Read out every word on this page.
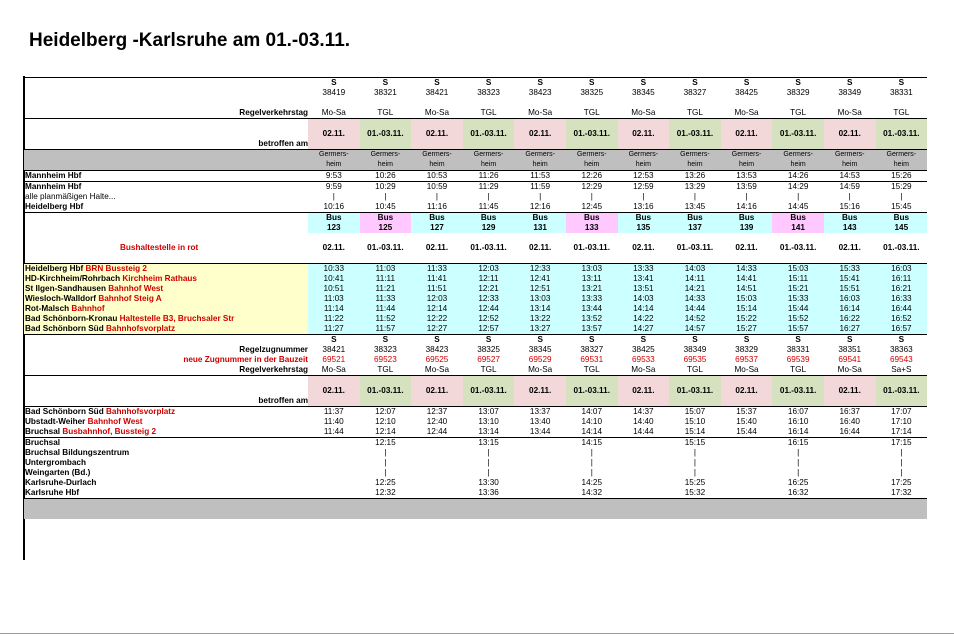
Heidelberg -Karlsruhe am 01.-03.11.
	S	S	S	S	S	S	S	S	S	S	S	S
	38419	38321	38421	38323	38423	38325	38345	38327	38425	38329	38349	38331

Regelverkehrstag	Mo-Sa	TGL	Mo-Sa	TGL	Mo-Sa	TGL	Mo-Sa	TGL	Mo-Sa	TGL	Mo-Sa	TGL

	02.11.	01.-03.11.	02.11.	01.-03.11.	02.11.	01.-03.11.	02.11.	01.-03.11.	02.11.	01.-03.11.	02.11.	01.-03.11.
betroffen am												

	Germers-	Germers-	Germers-	Germers-	Germers-	Germers-	Germers-	Germers-	Germers-	Germers-	Germers-	Germers-

	heim	heim	heim	heim	heim	heim	heim	heim	heim	heim	heim	heim
Mannheim Hbf	9:53	10:26	10:53	11:26	11:53	12:26	12:53	13:26	13:53	14:26	14:53	15:26
Mannheim Hbf	9:59	10:29	10:59	11:29	11:59	12:29	12:59	13:29	13:59	14:29	14:59	15:29
alle planmäßigen Halte...	|	|	|	|	|	|	|	|	|	|	|	|
Heidelberg Hbf	10:16	10:45	11:16	11:45	12:16	12:45	13:16	13:45	14:16	14:45	15:16	15:45
	Bus	Bus	Bus	Bus	Bus	Bus	Bus	Bus	Bus	Bus	Bus	Bus
	123	125	127	129	131	133	135	137	139	141	143	145

Bushaltestelle in rot	02.11.	01.-03.11.	02.11.	01.-03.11.	02.11.	01.-03.11.	02.11.	01.-03.11.	02.11.	01.-03.11.	02.11.	01.-03.11.

Heidelberg Hbf BRN Bussteig 2	10:33	11:03	11:33	12:03	12:33	13:03	13:33	14:03	14:33	15:03	15:33	16:03
HD-Kirchheim/Rohrbach Kirchheim Rathaus	10:41	11:11	11:41	12:11	12:41	13:11	13:41	14:11	14:41	15:11	15:41	16:11
St Ilgen-Sandhausen Bahnhof West	10:51	11:21	11:51	12:21	12:51	13:21	13:51	14:21	14:51	15:21	15:51	16:21
Wiesloch-Walldorf Bahnhof Steig A	11:03	11:33	12:03	12:33	13:03	13:33	14:03	14:33	15:03	15:33	16:03	16:33
Rot-Malsch Bahnhof	11:14	11:44	12:14	12:44	13:14	13:44	14:14	14:44	15:14	15:44	16:14	16:44
Bad Schönborn-Kronau Haltestelle B3, Bruchsaler Str	11:22	11:52	12:22	12:52	13:22	13:52	14:22	14:52	15:22	15:52	16:22	16:52
Bad Schönborn Süd Bahnhofsvorplatz	11:27	11:57	12:27	12:57	13:27	13:57	14:27	14:57	15:27	15:57	16:27	16:57
	S	S	S	S	S	S	S	S	S	S	S	S
Regelzugnummer	38421	38323	38423	38325	38345	38327	38425	38349	38329	38331	38351	38363
neue Zugnummer in der Bauzeit	69521	69523	69525	69527	69529	69531	69533	69535	69537	69539	69541	69543
Regelverkehrstag	Mo-Sa	TGL	Mo-Sa	TGL	Mo-Sa	TGL	Mo-Sa	TGL	Mo-Sa	TGL	Mo-Sa	Sa+S

	02.11.	01.-03.11.	02.11.	01.-03.11.	02.11.	01.-03.11.	02.11.	01.-03.11.	02.11.	01.-03.11.	02.11.	01.-03.11.
betroffen am												
Bad Schönborn Süd Bahnhofsvorplatz	11:37	12:07	12:37	13:07	13:37	14:07	14:37	15:07	15:37	16:07	16:37	17:07
Ubstadt-Weiher Bahnhof West	11:40	12:10	12:40	13:10	13:40	14:10	14:40	15:10	15:40	16:10	16:40	17:10
Bruchsal Busbahnhof, Bussteig 2	11:44	12:14	12:44	13:14	13:44	14:14	14:44	15:14	15:44	16:14	16:44	17:14
Bruchsal		12:15		13:15		14:15		15:15		16:15		17:15
Bruchsal Bildungszentrum		|		|		|		|		|		|
Untergrombach		|		|		|		|		|		|
Weingarten (Bd.)		|		|		|		|		|		|
Karlsruhe-Durlach		12:25		13:30		14:25		15:25		16:25		17:25
Karlsruhe Hbf		12:32		13:36		14:32		15:32		16:32		17:32
